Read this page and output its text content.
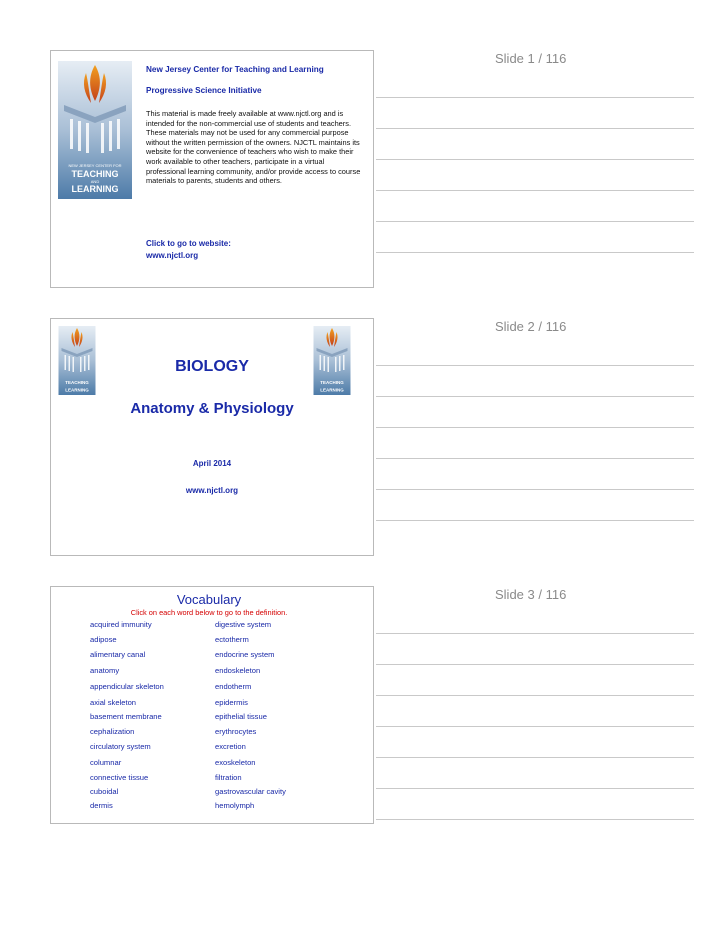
Slide 1 / 116
NEW JERSEY CENTER FOR
TEACHING
AND
LEARNING
New Jersey Center for Teaching and Learning
Progressive Science Initiative
This material is made freely available at www.njctl.org and is intended for the non-commercial use of students and teachers. These materials may not be used for any commercial purpose without the written permission of the owners. NJCTL maintains its website for the convenience of teachers who wish to make their work available to other teachers, participate in a virtual professional learning community, and/or provide access to course materials to parents, students and others.
Click to go to website:
www.njctl.org
Slide 2 / 116
TEACHING
LEARNING
TEACHING
LEARNING
BIOLOGY
Anatomy & Physiology
April 2014
www.njctl.org
Slide 3 / 116
Vocabulary
Click on each word below to go to the definition.
acquired immunity
adipose
alimentary canal
anatomy
appendicular skeleton
axial skeleton
basement membrane
cephalization
circulatory system
columnar
connective tissue
cuboidal
dermis
digestive system
ectotherm
endocrine system
endoskeleton
endotherm
epidermis
epithelial tissue
erythrocytes
excretion
exoskeleton
filtration
gastrovascular cavity
hemolymph
